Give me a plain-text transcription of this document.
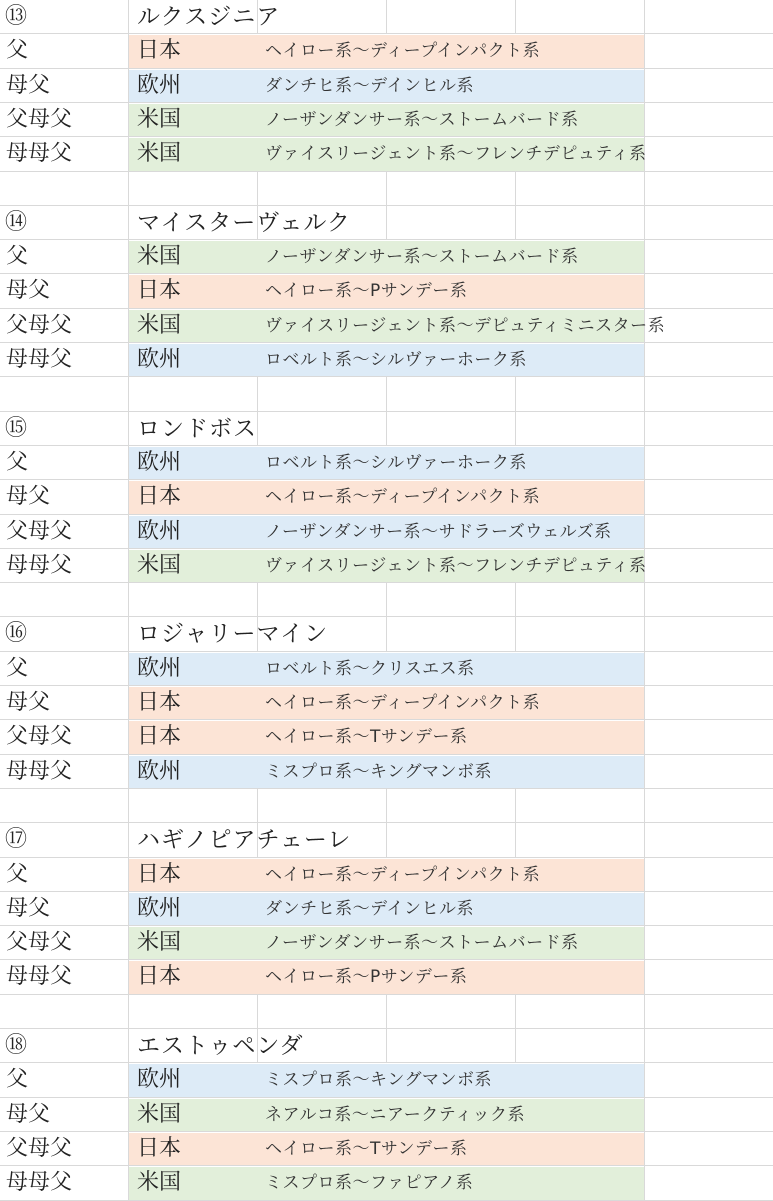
⑬	ルクスジニア
父	日本	ヘイロー系～ディープインパクト系
母父	欧州	ダンチヒ系～デインヒル系
父母父	米国	ノーザンダンサー系～ストームバード系
母母父	米国	ヴァイスリージェント系～フレンチデピュティ系
⑭	マイスターヴェルク
父	米国	ノーザンダンサー系～ストームバード系
母父	日本	ヘイロー系～Pサンデー系
父母父	米国	ヴァイスリージェント系～デピュティミニスター系
母母父	欧州	ロベルト系～シルヴァーホーク系
⑮	ロンドボス
父	欧州	ロベルト系～シルヴァーホーク系
母父	日本	ヘイロー系～ディープインパクト系
父母父	欧州	ノーザンダンサー系～サドラーズウェルズ系
母母父	米国	ヴァイスリージェント系～フレンチデピュティ系
⑯	ロジャリーマイン
父	欧州	ロベルト系～クリスエス系
母父	日本	ヘイロー系～ディープインパクト系
父母父	日本	ヘイロー系～Tサンデー系
母母父	欧州	ミスプロ系～キングマンボ系
⑰	ハギノピアチェーレ
父	日本	ヘイロー系～ディープインパクト系
母父	欧州	ダンチヒ系～デインヒル系
父母父	米国	ノーザンダンサー系～ストームバード系
母母父	日本	ヘイロー系～Pサンデー系
⑱	エストゥペンダ
父	欧州	ミスプロ系～キングマンボ系
母父	米国	ネアルコ系～ニアークティック系
父母父	日本	ヘイロー系～Tサンデー系
母母父	米国	ミスプロ系～ファピアノ系
